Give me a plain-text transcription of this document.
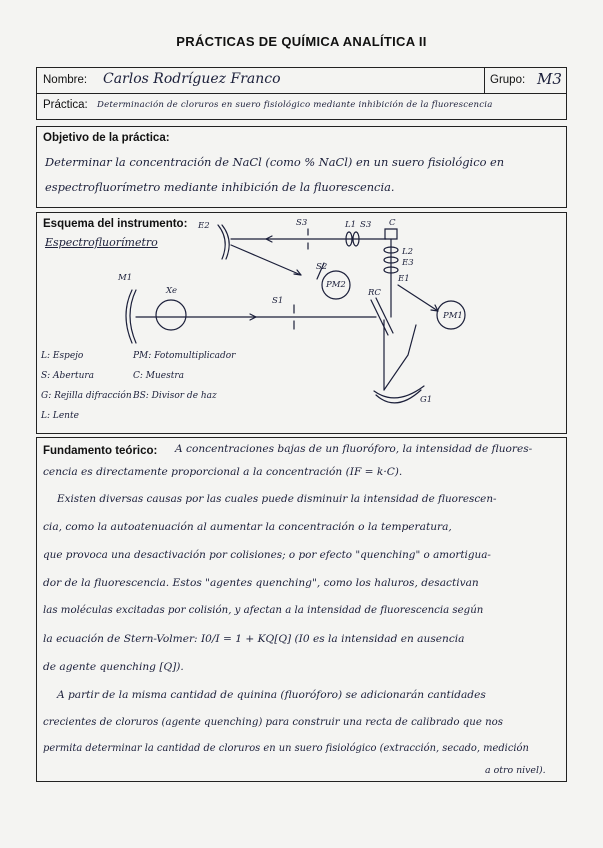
PRÁCTICAS DE QUÍMICA ANALÍTICA II
Nombre: Carlos Rodríguez Franco	Grupo: M3
Práctica: Determinación de cloruros en suero fisiológico mediante inhibición de la fluorescencia
Objetivo de la práctica:
Determinar la concentración de NaCl (como % NaCl) en un suero fisiológico en
espectrofluorímetro mediante inhibición de la fluorescencia.
Esquema del instrumento:
Espectrofluorímetro
L: Espejo
S: Abertura
G: Rejilla difracción
L: Lente
PM: Fotomultiplicador
C: Muestra
BS: Divisor de haz
E2	S3	L1 S3 C
L2
E3
S2
PM2
M1
Xe
S1
RC
E1
PM1
G1
Fundamento teórico: A concentraciones bajas de un fluoróforo, la intensidad de fluores-
cencia es directamente proporcional a la concentración (IF = k·C).
Existen diversas causas por las cuales puede disminuir la intensidad de fluorescen-
cia, como la autoatenuación al aumentar la concentración o la temperatura,
que provoca una desactivación por colisiones; o por efecto "quenching" o amortigua-
dor de la fluorescencia. Estos "agentes quenching", como los haluros, desactivan
las moléculas excitadas por colisión, y afectan a la intensidad de fluorescencia según
la ecuación de Stern-Volmer: I0/I = 1 + KQ[Q] (I0 es la intensidad en ausencia
de agente quenching [Q]).
A partir de la misma cantidad de quinina (fluoróforo) se adicionarán cantidades
crecientes de cloruros (agente quenching) para construir una recta de calibrado que nos
permita determinar la cantidad de cloruros en un suero fisiológico (extracción, secado, medición
a otro nivel).
